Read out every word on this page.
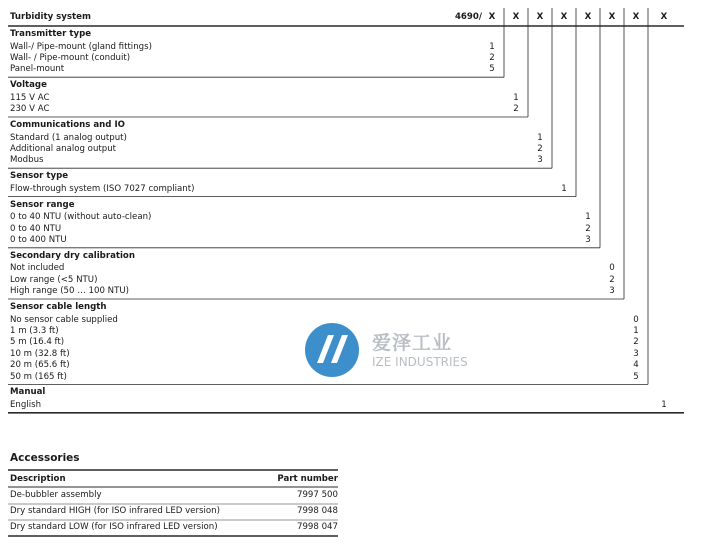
Turbidity system	4690/ X X X X X X X X
Transmitter type
Wall-/ Pipe-mount (gland fittings)	1
Wall- / Pipe-mount (conduit)	2
Panel-mount	5
Voltage
115 V AC	1
230 V AC	2
Communications and IO
Standard (1 analog output)	1
Additional analog output	2
Modbus	3
Sensor type
Flow-through system (ISO 7027 compliant)	1
Sensor range
0 to 40 NTU (without auto-clean)	1
0 to 40 NTU	2
0 to 400 NTU	3
Secondary dry calibration
Not included	0
Low range (<5 NTU)	2
High range (50 … 100 NTU)	3
Sensor cable length
No sensor cable supplied	0
1 m (3.3 ft)	1
5 m (16.4 ft)	2
10 m (32.8 ft)	3
20 m (65.6 ft)	4
50 m (165 ft)	5
Manual
English	1
爱泽工业
IZE INDUSTRIES
Accessories
Description	Part number
De-bubbler assembly	7997 500
Dry standard HIGH (for ISO infrared LED version)	7998 048
Dry standard LOW (for ISO infrared LED version)	7998 047
